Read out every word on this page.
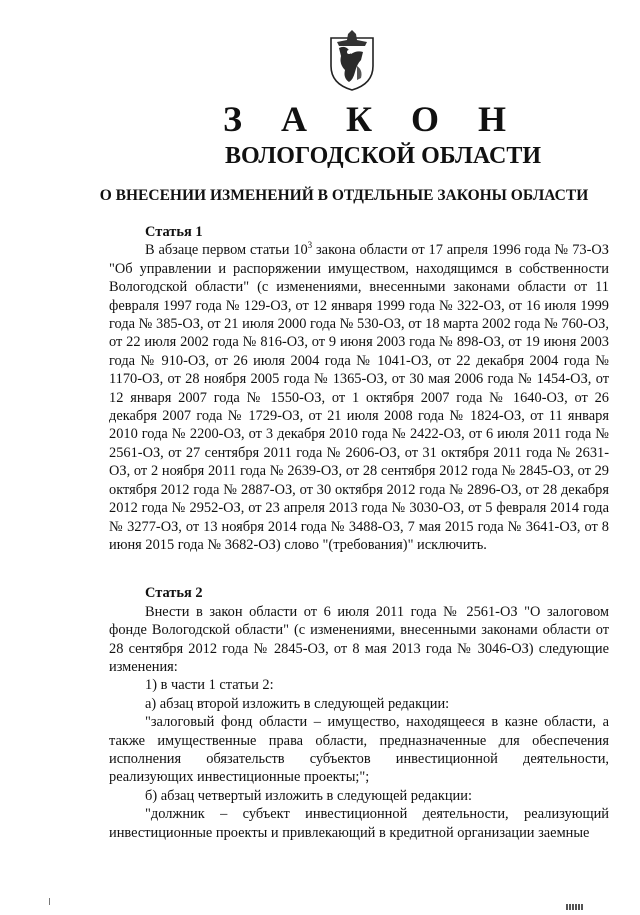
З А К О Н
ВОЛОГОДСКОЙ ОБЛАСТИ
О ВНЕСЕНИИ ИЗМЕНЕНИЙ В ОТДЕЛЬНЫЕ ЗАКОНЫ ОБЛАСТИ

Статья 1

В абзаце первом статьи $10^3$ закона области от 17 апреля 1996 года № 73-ОЗ "Об управлении и распоряжении имуществом, находящимся в собственности Вологодской области" (с изменениями, внесенными законами области от 11 февраля 1997 года № 129-ОЗ, от 12 января 1999 года № 322-ОЗ, от 16 июля 1999 года № 385-ОЗ, от 21 июля 2000 года № 530-ОЗ, от 18 марта 2002 года № 760-ОЗ, от 22 июля 2002 года № 816-ОЗ, от 9 июня 2003 года № 898-ОЗ, от 19 июня 2003 года № 910-ОЗ, от 26 июля 2004 года № 1041-ОЗ, от 22 декабря 2004 года № 1170-ОЗ, от 28 ноября 2005 года № 1365-ОЗ, от 30 мая 2006 года № 1454-ОЗ, от 12 января 2007 года № 1550-ОЗ, от 1 октября 2007 года № 1640-ОЗ, от 26 декабря 2007 года № 1729-ОЗ, от 21 июля 2008 года № 1824-ОЗ, от 11 января 2010 года № 2200-ОЗ, от 3 декабря 2010 года № 2422-ОЗ, от 6 июля 2011 года № 2561-ОЗ, от 27 сентября 2011 года № 2606-ОЗ, от 31 октября 2011 года № 2631-ОЗ, от 2 ноября 2011 года № 2639-ОЗ, от 28 сентября 2012 года № 2845-ОЗ, от 29 октября 2012 года № 2887-ОЗ, от 30 октября 2012 года № 2896-ОЗ, от 28 декабря 2012 года № 2952-ОЗ, от 23 апреля 2013 года № 3030-ОЗ, от 5 февраля 2014 года № 3277-ОЗ, от 13 ноября 2014 года № 3488-ОЗ, 7 мая 2015 года № 3641-ОЗ, от 8 июня 2015 года № 3682-ОЗ) слово "(требования)" исключить.

Статья 2

Внести в закон области от 6 июля 2011 года № 2561-ОЗ "О залоговом фонде Вологодской области" (с изменениями, внесенными законами области от 28 сентября 2012 года № 2845-ОЗ, от 8 мая 2013 года № 3046-ОЗ) следующие изменения:

1) в части 1 статьи 2:

а) абзац второй изложить в следующей редакции:

"залоговый фонд области – имущество, находящееся в казне области, а также имущественные права области, предназначенные для обеспечения исполнения обязательств субъектов инвестиционной деятельности, реализующих инвестиционные проекты;";

б) абзац четвертый изложить в следующей редакции:

"должник – субъект инвестиционной деятельности, реализующий инвестиционные проекты и привлекающий в кредитной организации заемные
